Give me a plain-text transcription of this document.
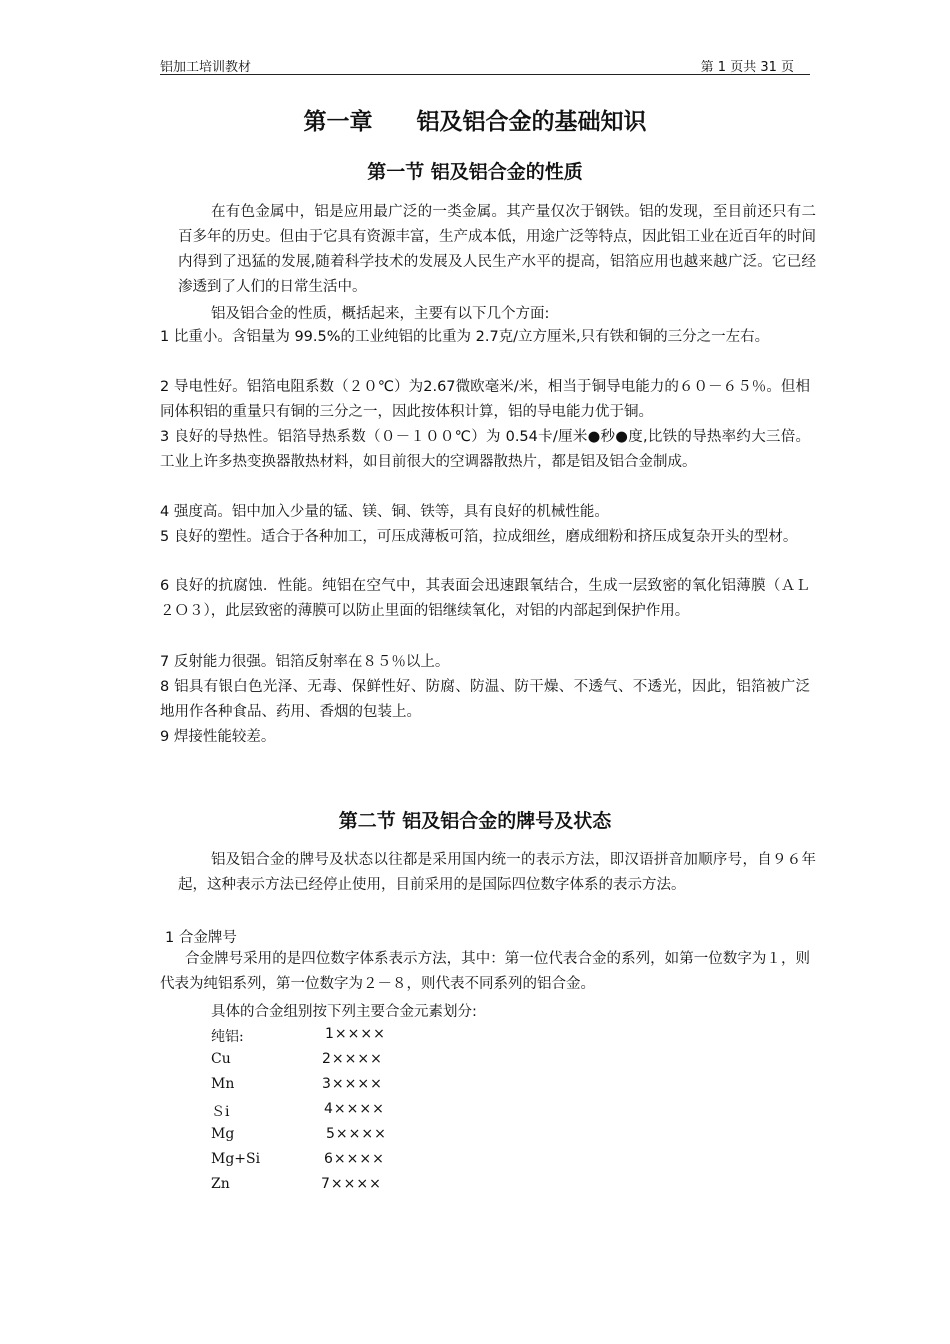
铝加工培训教材	第 1 页共 31 页
第一章 铝及铝合金的基础知识
第一节 铝及铝合金的性质
在有色金属中，铝是应用最广泛的一类金属。其产量仅次于钢铁。铝的发现，至目前还只有二百多年的历史。但由于它具有资源丰富，生产成本低，用途广泛等特点，因此铝工业在近百年的时间内得到了迅猛的发展,随着科学技术的发展及人民生产水平的提高，铝箔应用也越来越广泛。它已经渗透到了人们的日常生活中。
铝及铝合金的性质，概括起来，主要有以下几个方面:
1 比重小。含铝量为 99.5%的工业纯铝的比重为 2.7克/立方厘米,只有铁和铜的三分之一左右。
2 导电性好。铝箔电阻系数（２０℃）为2.67微欧毫米/米，相当于铜导电能力的６０－６５％。但相同体积铝的重量只有铜的三分之一，因此按体积计算，铝的导电能力优于铜。
3 良好的导热性。铝箔导热系数（０－１００℃）为 0.54卡/厘米●秒●度,比铁的导热率约大三倍。工业上许多热变换器散热材料，如目前很大的空调器散热片，都是铝及铝合金制成。
4 强度高。铝中加入少量的锰、镁、铜、铁等，具有良好的机械性能。
5 良好的塑性。适合于各种加工，可压成薄板可箔，拉成细丝，磨成细粉和挤压成复杂开头的型材。
6 良好的抗腐蚀．性能。纯铝在空气中，其表面会迅速跟氧结合，生成一层致密的氧化铝薄膜（ＡＬ２Ｏ３），此层致密的薄膜可以防止里面的铝继续氧化，对铝的内部起到保护作用。
7 反射能力很强。铝箔反射率在８５％以上。
8 铝具有银白色光泽、无毒、保鲜性好、防腐、防温、防干燥、不透气、不透光，因此，铝箔被广泛地用作各种食品、药用、香烟的包装上。
9 焊接性能较差。
第二节 铝及铝合金的牌号及状态
铝及铝合金的牌号及状态以往都是采用国内统一的表示方法，即汉语拼音加顺序号，自９６年起，这种表示方法已经停止使用，目前采用的是国际四位数字体系的表示方法。
1 合金牌号
合金牌号采用的是四位数字体系表示方法，其中：第一位代表合金的系列，如第一位数字为１，则代表为纯铝系列，第一位数字为２－８，则代表不同系列的铝合金。
具体的合金组别按下列主要合金元素划分:
纯铝:	1××××
Cu	2××××
Mn	3××××
Ｓi	4××××
Mg	5××××
Mg+Si	6××××
Zn	7××××
